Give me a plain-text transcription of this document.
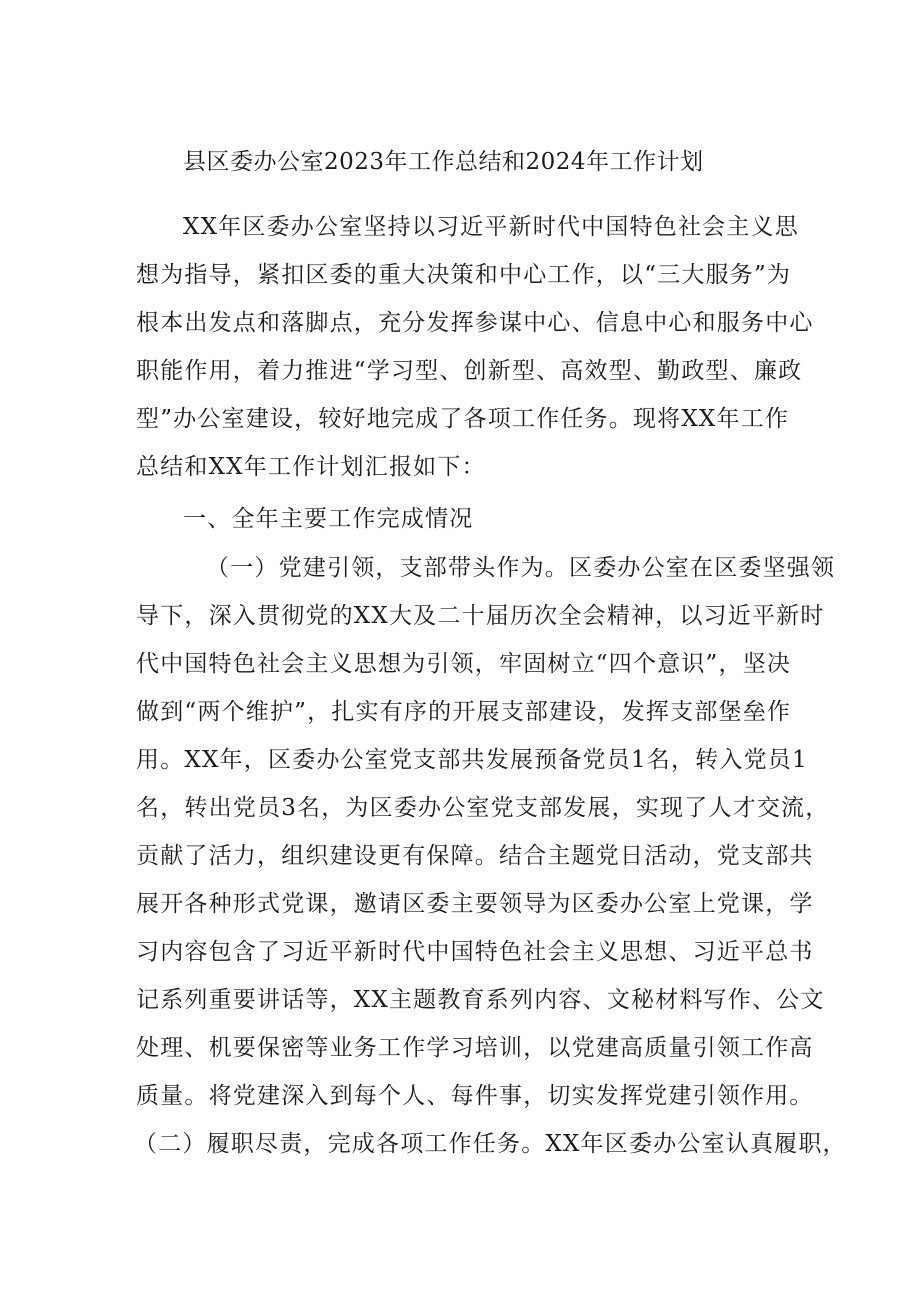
县区委办公室2023年工作总结和2024年工作计划
XX年区委办公室坚持以习近平新时代中国特色社会主义思
想为指导，紧扣区委的重大决策和中心工作，以“三大服务”为
根本出发点和落脚点，充分发挥参谋中心、信息中心和服务中心
职能作用，着力推进“学习型、创新型、高效型、勤政型、廉政
型”办公室建设，较好地完成了各项工作任务。现将XX年工作
总结和XX年工作计划汇报如下：
一、全年主要工作完成情况
（一）党建引领，支部带头作为。区委办公室在区委坚强领
导下，深入贯彻党的XX大及二十届历次全会精神，以习近平新时
代中国特色社会主义思想为引领，牢固树立“四个意识”，坚决
做到“两个维护”，扎实有序的开展支部建设，发挥支部堡垒作
用。XX年，区委办公室党支部共发展预备党员1名，转入党员1
名，转出党员3名，为区委办公室党支部发展，实现了人才交流，
贡献了活力，组织建设更有保障。结合主题党日活动，党支部共
展开各种形式党课，邀请区委主要领导为区委办公室上党课，学
习内容包含了习近平新时代中国特色社会主义思想、习近平总书
记系列重要讲话等，XX主题教育系列内容、文秘材料写作、公文
处理、机要保密等业务工作学习培训，以党建高质量引领工作高
质量。将党建深入到每个人、每件事，切实发挥党建引领作用。
（二）履职尽责，完成各项工作任务。XX年区委办公室认真履职，
